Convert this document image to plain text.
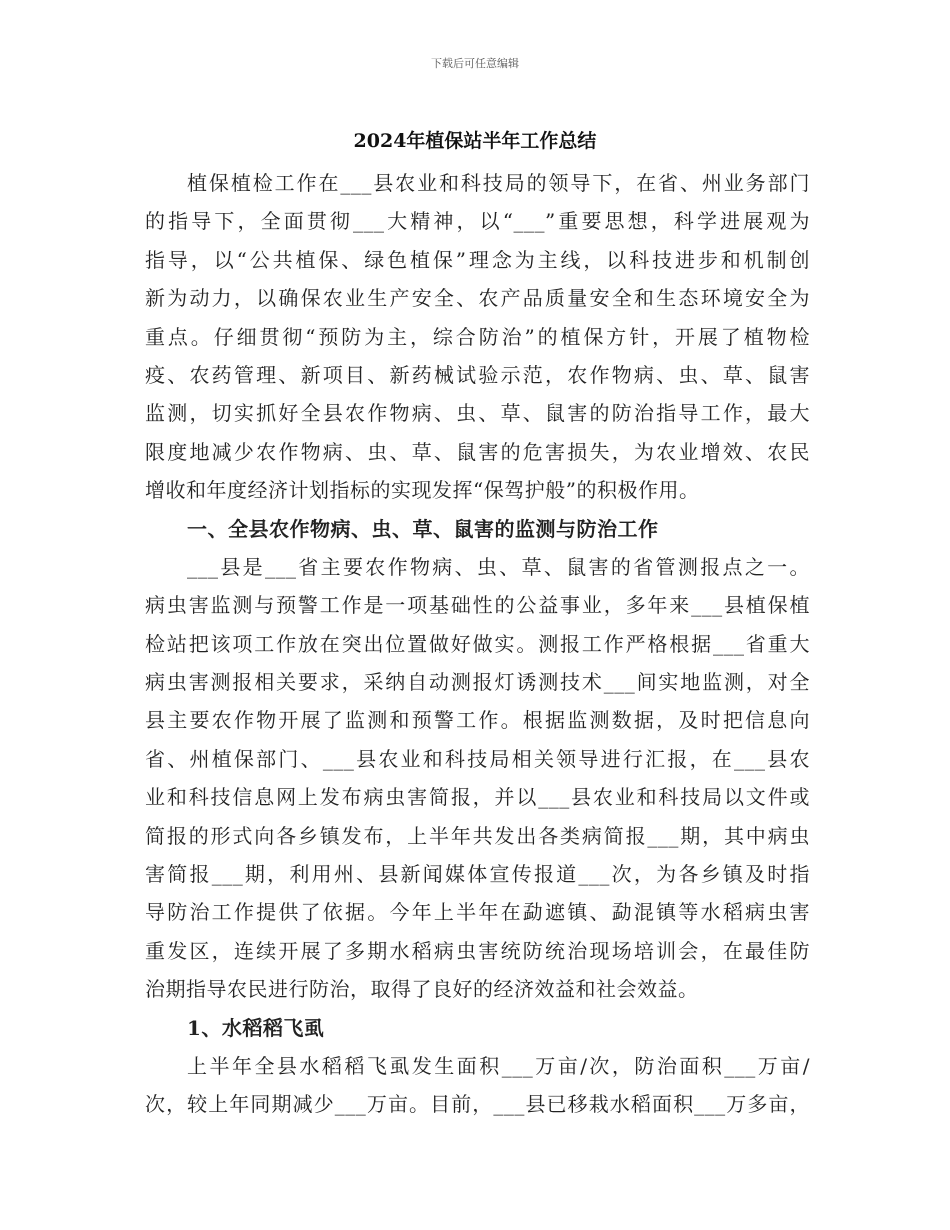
下载后可任意编辑
2024年植保站半年工作总结
植保植检工作在___县农业和科技局的领导下，在省、州业务部门
的指导下，全面贯彻___大精神，以“___”重要思想，科学进展观为
指导，以“公共植保、绿色植保”理念为主线，以科技进步和机制创
新为动力，以确保农业生产安全、农产品质量安全和生态环境安全为
重点。仔细贯彻“预防为主，综合防治”的植保方针，开展了植物检
疫、农药管理、新项目、新药械试验示范，农作物病、虫、草、鼠害
监测，切实抓好全县农作物病、虫、草、鼠害的防治指导工作，最大
限度地减少农作物病、虫、草、鼠害的危害损失，为农业增效、农民
增收和年度经济计划指标的实现发挥“保驾护般”的积极作用。
一、全县农作物病、虫、草、鼠害的监测与防治工作
___县是___省主要农作物病、虫、草、鼠害的省管测报点之一。
病虫害监测与预警工作是一项基础性的公益事业，多年来___县植保植
检站把该项工作放在突出位置做好做实。测报工作严格根据___省重大
病虫害测报相关要求，采纳自动测报灯诱测技术___间实地监测，对全
县主要农作物开展了监测和预警工作。根据监测数据，及时把信息向
省、州植保部门、___县农业和科技局相关领导进行汇报，在___县农
业和科技信息网上发布病虫害简报，并以___县农业和科技局以文件或
简报的形式向各乡镇发布，上半年共发出各类病简报___期，其中病虫
害简报___期，利用州、县新闻媒体宣传报道___次，为各乡镇及时指
导防治工作提供了依据。今年上半年在勐遮镇、勐混镇等水稻病虫害
重发区，连续开展了多期水稻病虫害统防统治现场培训会，在最佳防
治期指导农民进行防治，取得了良好的经济效益和社会效益。
1、水稻稻飞虱
上半年全县水稻稻飞虱发生面积___万亩/次，防治面积___万亩/
次，较上年同期减少___万亩。目前，___县已移栽水稻面积___万多亩，
